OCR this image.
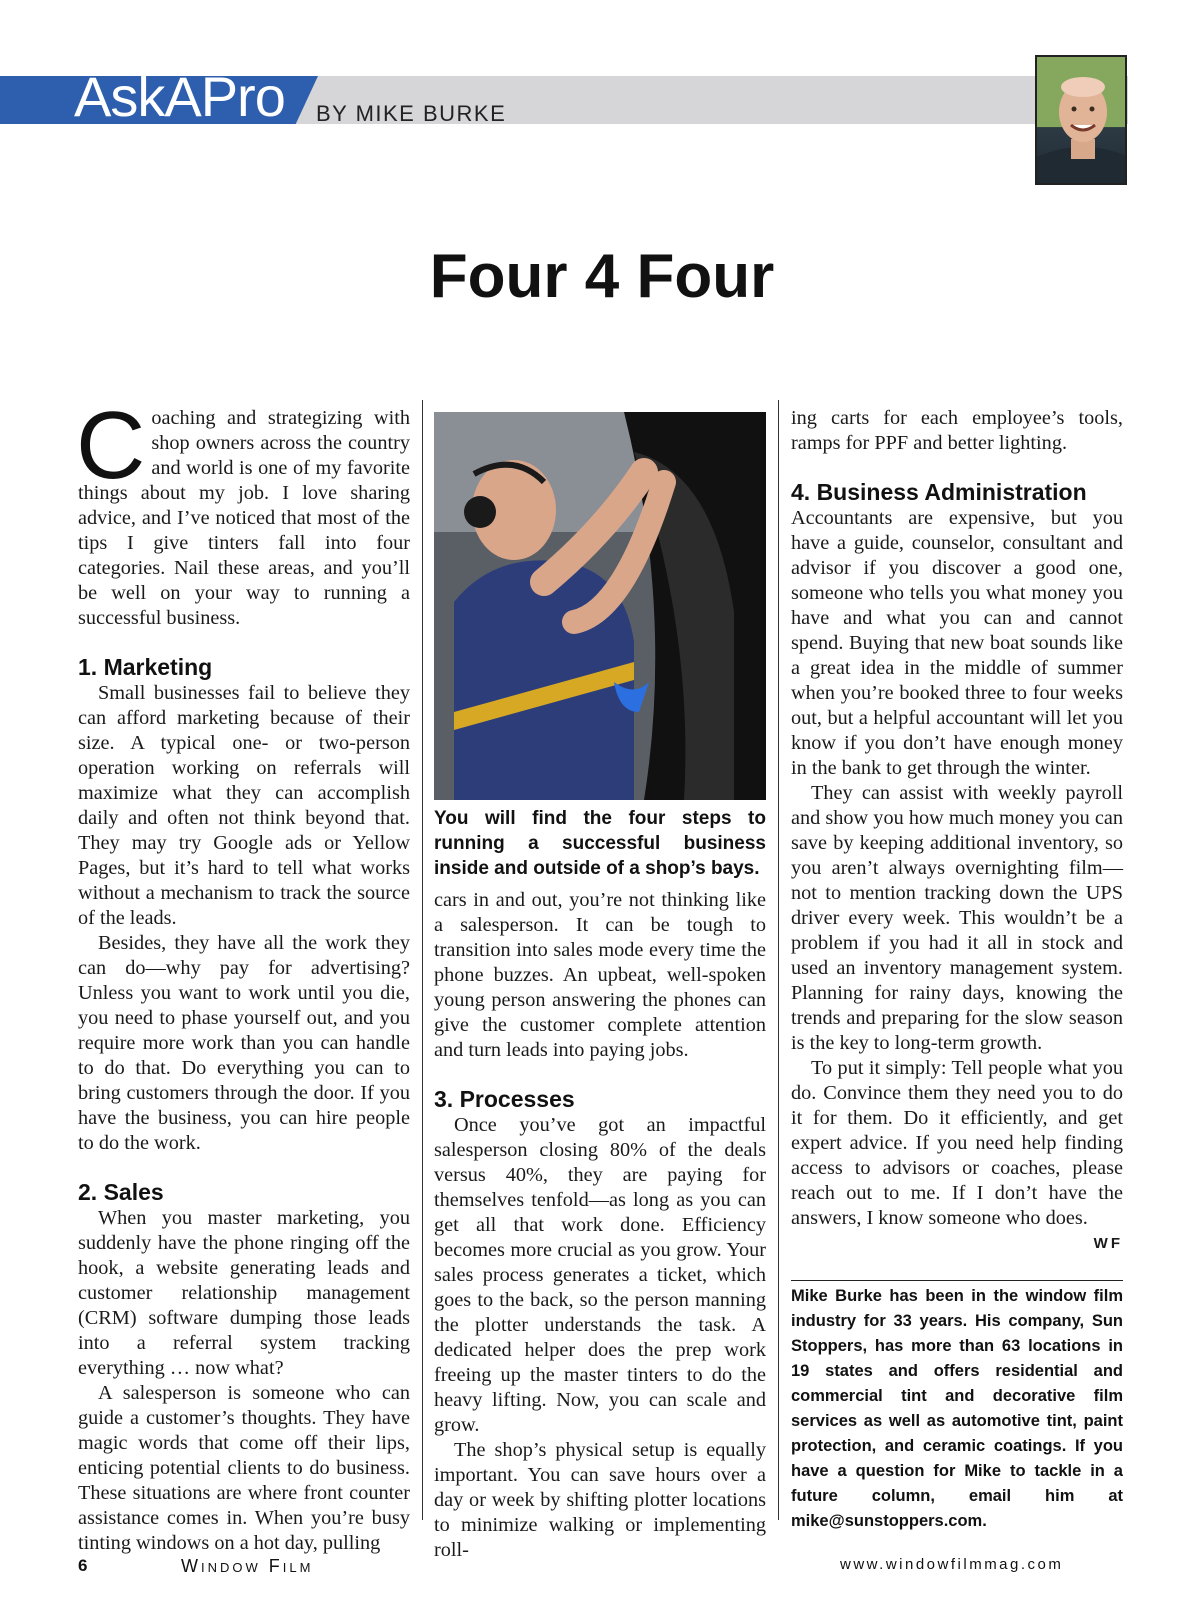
AskAPro BY MIKE BURKE
Four 4 Four

Coaching and strategizing with shop owners across the country and world is one of my favorite things about my job. I love sharing advice, and I’ve noticed that most of the tips I give tinters fall into four categories. Nail these areas, and you’ll be well on your way to running a successful business.

1. Marketing

Small businesses fail to believe they can afford marketing because of their size. A typical one- or two-person operation working on referrals will maximize what they can accomplish daily and often not think beyond that. They may try Google ads or Yellow Pages, but it’s hard to tell what works without a mechanism to track the source of the leads.

Besides, they have all the work they can do—why pay for advertising? Unless you want to work until you die, you need to phase yourself out, and you require more work than you can handle to do that. Do everything you can to bring customers through the door. If you have the business, you can hire people to do the work.

2. Sales

When you master marketing, you suddenly have the phone ringing off the hook, a website generating leads and customer relationship management (CRM) software dumping those leads into a referral system tracking everything … now what?

A salesperson is someone who can guide a customer’s thoughts. They have magic words that come off their lips, enticing potential clients to do business. These situations are where front counter assistance comes in. When you’re busy tinting windows on a hot day, pulling

You will find the four steps to running a successful business inside and outside of a shop’s bays.

cars in and out, you’re not thinking like a salesperson. It can be tough to transition into sales mode every time the phone buzzes. An upbeat, well-spoken young person answering the phones can give the customer complete attention and turn leads into paying jobs.

3. Processes

Once you’ve got an impactful salesperson closing 80% of the deals versus 40%, they are paying for themselves tenfold—as long as you can get all that work done. Efficiency becomes more crucial as you grow. Your sales process generates a ticket, which goes to the back, so the person manning the plotter understands the task. A dedicated helper does the prep work freeing up the master tinters to do the heavy lifting. Now, you can scale and grow.

The shop’s physical setup is equally important. You can save hours over a day or week by shifting plotter locations to minimize walking or implementing roll-

ing carts for each employee’s tools, ramps for PPF and better lighting.

4. Business Administration

Accountants are expensive, but you have a guide, counselor, consultant and advisor if you discover a good one, someone who tells you what money you have and what you can and cannot spend. Buying that new boat sounds like a great idea in the middle of summer when you’re booked three to four weeks out, but a helpful accountant will let you know if you don’t have enough money in the bank to get through the winter.

They can assist with weekly payroll and show you how much money you can save by keeping additional inventory, so you aren’t always overnighting film—not to mention tracking down the UPS driver every week. This wouldn’t be a problem if you had it all in stock and used an inventory management system. Planning for rainy days, knowing the trends and preparing for the slow season is the key to long-term growth.

To put it simply: Tell people what you do. Convince them they need you to do it for them. Do it efficiently, and get expert advice. If you need help finding access to advisors or coaches, please reach out to me. If I don’t have the answers, I know someone who does.
WF

Mike Burke has been in the window film industry for 33 years. His company, Sun Stoppers, has more than 63 locations in 19 states and offers residential and commercial tint and decorative film services as well as automotive tint, paint protection, and ceramic coatings. If you have a question for Mike to tackle in a future column, email him at mike@sunstoppers.com.
6	Window Film	www.windowfilmmag.com
